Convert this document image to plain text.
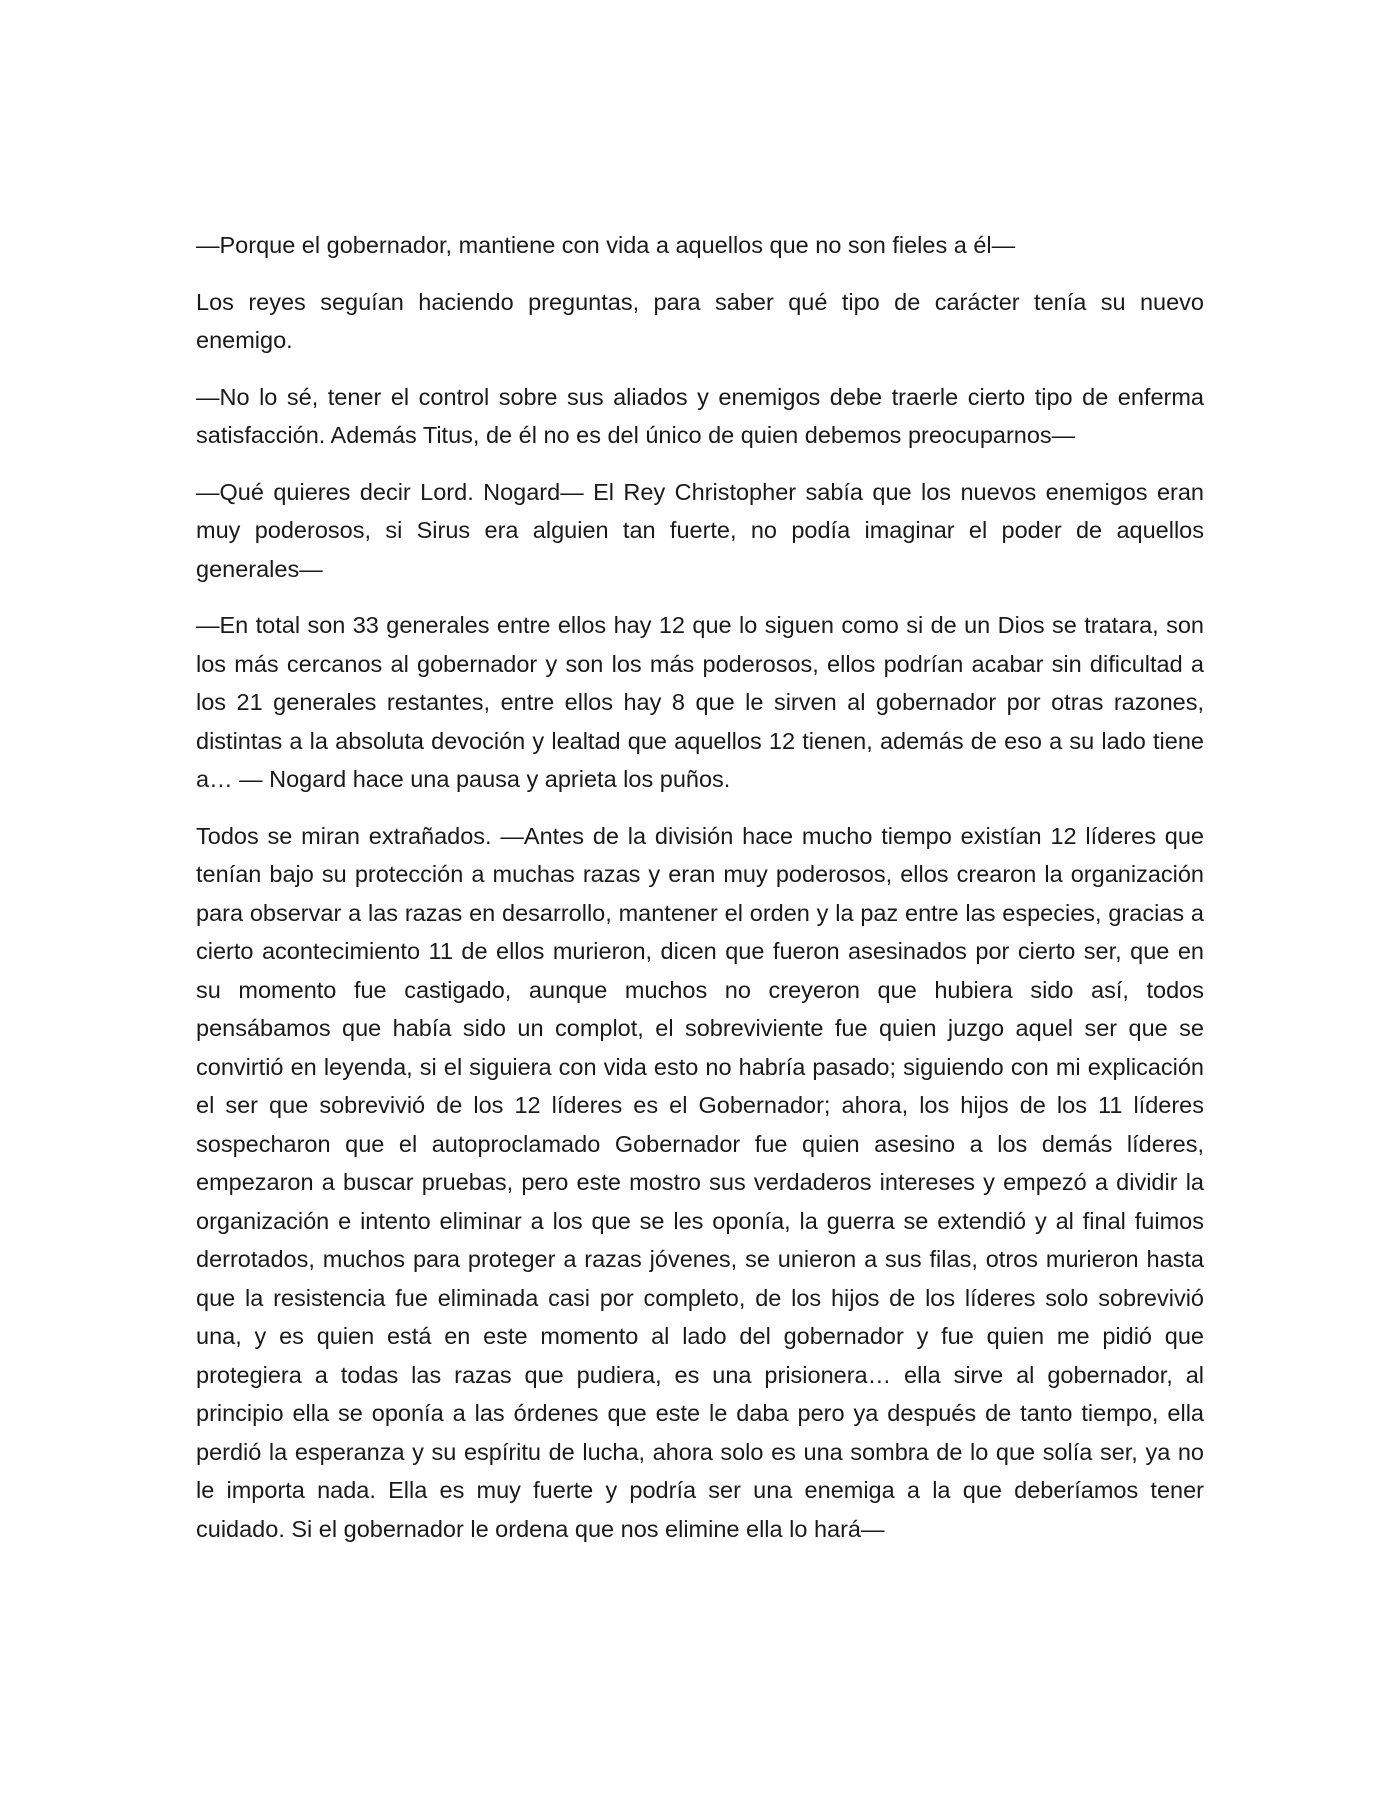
—Porque el gobernador, mantiene con vida a aquellos que no son fieles a él—

Los reyes seguían haciendo preguntas, para saber qué tipo de carácter tenía su nuevo enemigo.

—No lo sé, tener el control sobre sus aliados y enemigos debe traerle cierto tipo de enferma satisfacción. Además Titus, de él no es del único de quien debemos preocuparnos—

—Qué quieres decir Lord. Nogard— El Rey Christopher sabía que los nuevos enemigos eran muy poderosos, si Sirus era alguien tan fuerte, no podía imaginar el poder de aquellos generales—

—En total son 33 generales entre ellos hay 12 que lo siguen como si de un Dios se tratara, son los más cercanos al gobernador y son los más poderosos, ellos podrían acabar sin dificultad a los 21 generales restantes, entre ellos hay 8 que le sirven al gobernador por otras razones, distintas a la absoluta devoción y lealtad que aquellos 12 tienen, además de eso a su lado tiene a… — Nogard hace una pausa y aprieta los puños.

Todos se miran extrañados. —Antes de la división hace mucho tiempo existían 12 líderes que tenían bajo su protección a muchas razas y eran muy poderosos, ellos crearon la organización para observar a las razas en desarrollo, mantener el orden y la paz entre las especies, gracias a cierto acontecimiento 11 de ellos murieron, dicen que fueron asesinados por cierto ser, que en su momento fue castigado, aunque muchos no creyeron que hubiera sido así, todos pensábamos que había sido un complot, el sobreviviente fue quien juzgo aquel ser que se convirtió en leyenda, si el siguiera con vida esto no habría pasado; siguiendo con mi explicación el ser que sobrevivió de los 12 líderes es el Gobernador; ahora, los hijos de los 11 líderes sospecharon que el autoproclamado Gobernador fue quien asesino a los demás líderes, empezaron a buscar pruebas, pero este mostro sus verdaderos intereses y empezó a dividir la organización e intento eliminar a los que se les oponía, la guerra se extendió y al final fuimos derrotados, muchos para proteger a razas jóvenes, se unieron a sus filas, otros murieron hasta que la resistencia fue eliminada casi por completo, de los hijos de los líderes solo sobrevivió una, y es quien está en este momento al lado del gobernador y fue quien me pidió que protegiera a todas las razas que pudiera, es una prisionera… ella sirve al gobernador, al principio ella se oponía a las órdenes que este le daba pero ya después de tanto tiempo, ella perdió la esperanza y su espíritu de lucha, ahora solo es una sombra de lo que solía ser, ya no le importa nada. Ella es muy fuerte y podría ser una enemiga a la que deberíamos tener cuidado. Si el gobernador le ordena que nos elimine ella lo hará—
